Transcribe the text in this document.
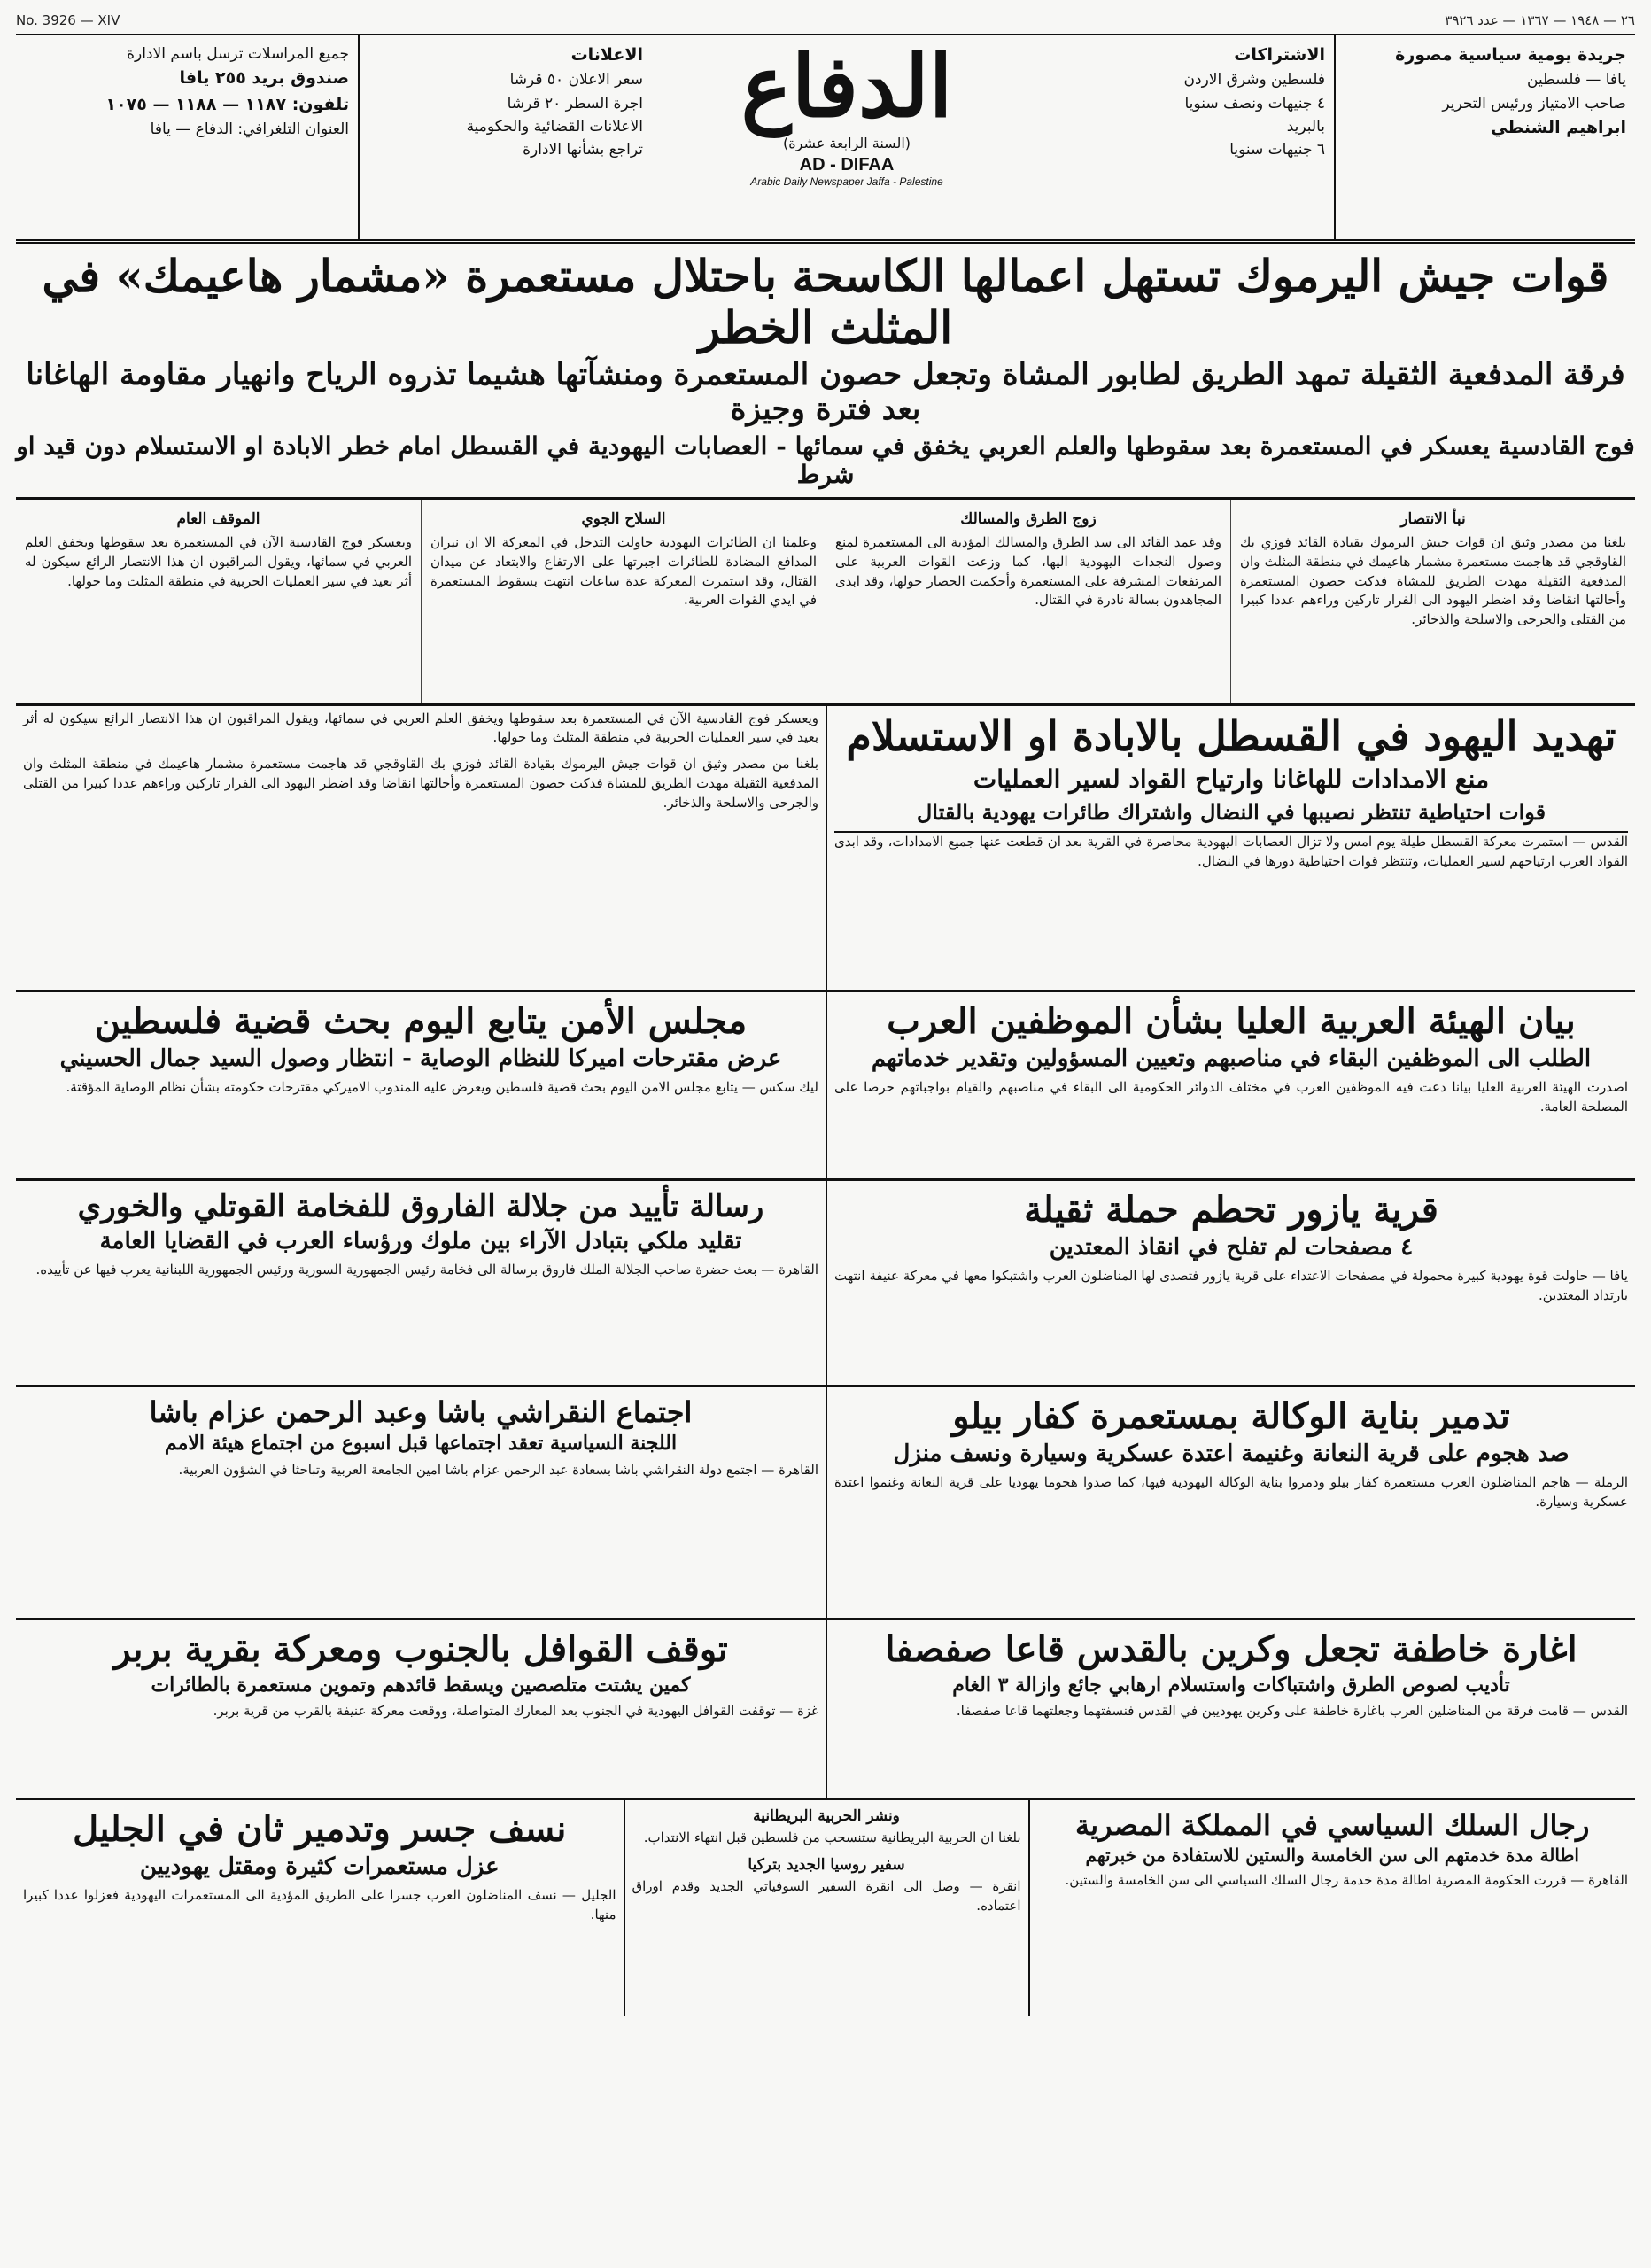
٢٦ — ١٩٤٨ — ١٣٦٧ — عدد ٣٩٢٦
No. 3926 — XIV
جريدة يومية سياسية مصورة
يافا — فلسطين
صاحب الامتياز ورئيس التحرير
ابراهيم الشنطي
الاشتراكات
فلسطين وشرق الاردن
٤ جنيهات ونصف سنويا
بالبريد
٦ جنيهات سنويا
الدفاع
(السنة الرابعة عشرة)
AD - DIFAA
Arabic Daily Newspaper Jaffa - Palestine
الاعلانات
سعر الاعلان ٥٠ قرشا
اجرة السطر ٢٠ قرشا
الاعلانات القضائية والحكومية
تراجع بشأنها الادارة
جميع المراسلات ترسل باسم الادارة
صندوق بريد ٢٥٥ يافا
تلفون: ١١٨٧ — ١١٨٨ — ١٠٧٥
العنوان التلغرافي: الدفاع — يافا
قوات جيش اليرموك تستهل اعمالها الكاسحة باحتلال مستعمرة «مشمار هاعيمك» في المثلث الخطر
فرقة المدفعية الثقيلة تمهد الطريق لطابور المشاة وتجعل حصون المستعمرة ومنشآتها هشيما تذروه الرياح وانهيار مقاومة الهاغانا بعد فترة وجيزة
فوج القادسية يعسكر في المستعمرة بعد سقوطها والعلم العربي يخفق في سمائها - العصابات اليهودية في القسطل امام خطر الابادة او الاستسلام دون قيد او شرط
نبأ الانتصار
بلغنا من مصدر وثيق ان قوات جيش اليرموك بقيادة القائد فوزي بك القاوقجي قد هاجمت مستعمرة مشمار هاعيمك في منطقة المثلث وان المدفعية الثقيلة مهدت الطريق للمشاة فدكت حصون المستعمرة وأحالتها انقاضا وقد اضطر اليهود الى الفرار تاركين وراءهم عددا كبيرا من القتلى والجرحى والاسلحة والذخائر.
زوج الطرق والمسالك
وقد عمد القائد الى سد الطرق والمسالك المؤدية الى المستعمرة لمنع وصول النجدات اليهودية اليها، كما وزعت القوات العربية على المرتفعات المشرفة على المستعمرة وأحكمت الحصار حولها، وقد ابدى المجاهدون بسالة نادرة في القتال.
السلاح الجوي
وعلمنا ان الطائرات اليهودية حاولت التدخل في المعركة الا ان نيران المدافع المضادة للطائرات اجبرتها على الارتفاع والابتعاد عن ميدان القتال، وقد استمرت المعركة عدة ساعات انتهت بسقوط المستعمرة في ايدي القوات العربية.
الموقف العام
ويعسكر فوج القادسية الآن في المستعمرة بعد سقوطها ويخفق العلم العربي في سمائها، ويقول المراقبون ان هذا الانتصار الرائع سيكون له أثر بعيد في سير العمليات الحربية في منطقة المثلث وما حولها.
تهديد اليهود في القسطل بالابادة او الاستسلام
منع الامدادات للهاغانا وارتياح القواد لسير العمليات
قوات احتياطية تنتظر نصيبها في النضال واشتراك طائرات يهودية بالقتال
القدس — استمرت معركة القسطل طيلة يوم امس ولا تزال العصابات اليهودية محاصرة في القرية بعد ان قطعت عنها جميع الامدادات، وقد ابدى القواد العرب ارتياحهم لسير العمليات، وتنتظر قوات احتياطية دورها في النضال.
ويعسكر فوج القادسية الآن في المستعمرة بعد سقوطها ويخفق العلم العربي في سمائها، ويقول المراقبون ان هذا الانتصار الرائع سيكون له أثر بعيد في سير العمليات الحربية في منطقة المثلث وما حولها.
بلغنا من مصدر وثيق ان قوات جيش اليرموك بقيادة القائد فوزي بك القاوقجي قد هاجمت مستعمرة مشمار هاعيمك في منطقة المثلث وان المدفعية الثقيلة مهدت الطريق للمشاة فدكت حصون المستعمرة وأحالتها انقاضا وقد اضطر اليهود الى الفرار تاركين وراءهم عددا كبيرا من القتلى والجرحى والاسلحة والذخائر.
بيان الهيئة العربية العليا بشأن الموظفين العرب
الطلب الى الموظفين البقاء في مناصبهم وتعيين المسؤولين وتقدير خدماتهم
اصدرت الهيئة العربية العليا بيانا دعت فيه الموظفين العرب في مختلف الدوائر الحكومية الى البقاء في مناصبهم والقيام بواجباتهم حرصا على المصلحة العامة.
مجلس الأمن يتابع اليوم بحث قضية فلسطين
عرض مقترحات اميركا للنظام الوصاية - انتظار وصول السيد جمال الحسيني
ليك سكس — يتابع مجلس الامن اليوم بحث قضية فلسطين ويعرض عليه المندوب الاميركي مقترحات حكومته بشأن نظام الوصاية المؤقتة.
قرية يازور تحطم حملة ثقيلة
٤ مصفحات لم تفلح في انقاذ المعتدين
يافا — حاولت قوة يهودية كبيرة محمولة في مصفحات الاعتداء على قرية يازور فتصدى لها المناضلون العرب واشتبكوا معها في معركة عنيفة انتهت بارتداد المعتدين.
رسالة تأييد من جلالة الفاروق للفخامة القوتلي والخوري
تقليد ملكي بتبادل الآراء بين ملوك ورؤساء العرب في القضايا العامة
القاهرة — بعث حضرة صاحب الجلالة الملك فاروق برسالة الى فخامة رئيس الجمهورية السورية ورئيس الجمهورية اللبنانية يعرب فيها عن تأييده.
تدمير بناية الوكالة بمستعمرة كفار بيلو
صد هجوم على قرية النعانة وغنيمة اعتدة عسكرية وسيارة ونسف منزل
الرملة — هاجم المناضلون العرب مستعمرة كفار بيلو ودمروا بناية الوكالة اليهودية فيها، كما صدوا هجوما يهوديا على قرية النعانة وغنموا اعتدة عسكرية وسيارة.
اجتماع النقراشي باشا وعبد الرحمن عزام باشا
اللجنة السياسية تعقد اجتماعها قبل اسبوع من اجتماع هيئة الامم
القاهرة — اجتمع دولة النقراشي باشا بسعادة عبد الرحمن عزام باشا امين الجامعة العربية وتباحثا في الشؤون العربية.
اغارة خاطفة تجعل وكرين بالقدس قاعا صفصفا
تأديب لصوص الطرق واشتباكات واستسلام ارهابي جائع وازالة ٣ الغام
القدس — قامت فرقة من المناضلين العرب باغارة خاطفة على وكرين يهوديين في القدس فنسفتهما وجعلتهما قاعا صفصفا.
توقف القوافل بالجنوب ومعركة بقرية بربر
كمين يشتت متلصصين ويسقط قائدهم وتموين مستعمرة بالطائرات
غزة — توقفت القوافل اليهودية في الجنوب بعد المعارك المتواصلة، ووقعت معركة عنيفة بالقرب من قرية بربر.
رجال السلك السياسي في المملكة المصرية
اطالة مدة خدمتهم الى سن الخامسة والستين للاستفادة من خبرتهم
القاهرة — قررت الحكومة المصرية اطالة مدة خدمة رجال السلك السياسي الى سن الخامسة والستين.
ونشر الحربية البريطانية
بلغنا ان الحربية البريطانية ستنسحب من فلسطين قبل انتهاء الانتداب.
سفير روسيا الجديد بتركيا
انقرة — وصل الى انقرة السفير السوفياتي الجديد وقدم اوراق اعتماده.
نسف جسر وتدمير ثان في الجليل
عزل مستعمرات كثيرة ومقتل يهوديين
الجليل — نسف المناضلون العرب جسرا على الطريق المؤدية الى المستعمرات اليهودية فعزلوا عددا كبيرا منها.
